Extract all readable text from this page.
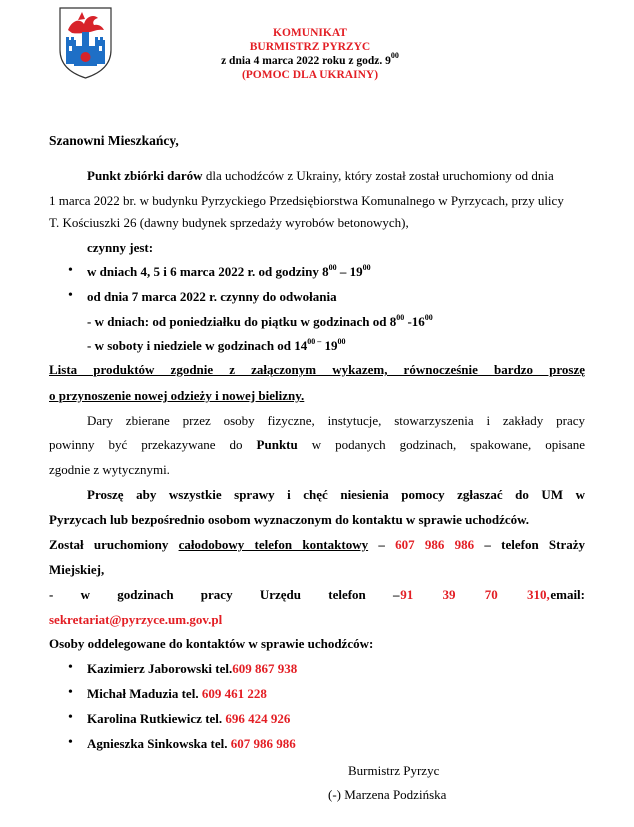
KOMUNIKAT
BURMISTRZ PYRZYC
z dnia 4 marca 2022 roku z godz. $9^{00}$
(POMOC DLA UKRAINY)
Szanowni Mieszkańcy,
Punkt zbiórki darów dla uchodźców z Ukrainy, który został został uruchomiony od dnia
1 marca 2022 br. w budynku Pyrzyckiego Przedsiębiorstwa Komunalnego w Pyrzycach, przy ulicy
T. Kościuszki 26 (dawny budynek sprzedaży wyrobów betonowych),
czynny jest:
• w dniach 4, 5 i 6 marca 2022 r. od godziny $8^{00} - 19^{00}$
• od dnia 7 marca 2022 r. czynny do odwołania
- w dniach: od poniedziałku do piątku w godzinach od $8^{00}$ $-16^{00}$
- w soboty i niedziele w godzinach od $14^{00 -}$ $19^{00}$
Lista produktów zgodnie z załączonym wykazem, równocześnie bardzo proszę
o przynoszenie nowej odzieży i nowej bielizny.
Dary zbierane przez osoby fizyczne, instytucje, stowarzyszenia i zakłady pracy
powinny być przekazywane do Punktu w podanych godzinach, spakowane, opisane
zgodnie z wytycznymi.
Proszę aby wszystkie sprawy i chęć niesienia pomocy zgłaszać do UM w
Pyrzycach lub bezpośrednio osobom wyznaczonym do kontaktu w sprawie uchodźców.
Został uruchomiony całodobowy telefon kontaktowy – 607 986 986 – telefon Straży
Miejskiej,
- w godzinach pracy Urzędu telefon – 91 39 70 310, email:
sekretariat@pyrzyce.um.gov.pl
Osoby oddelegowane do kontaktów w sprawie uchodźców:
• Kazimierz Jaborowski tel.609 867 938
• Michał Maduzia tel. 609 461 228
• Karolina Rutkiewicz tel. 696 424 926
• Agnieszka Sinkowska tel. 607 986 986
Burmistrz Pyrzyc
(-) Marzena Podzińska
